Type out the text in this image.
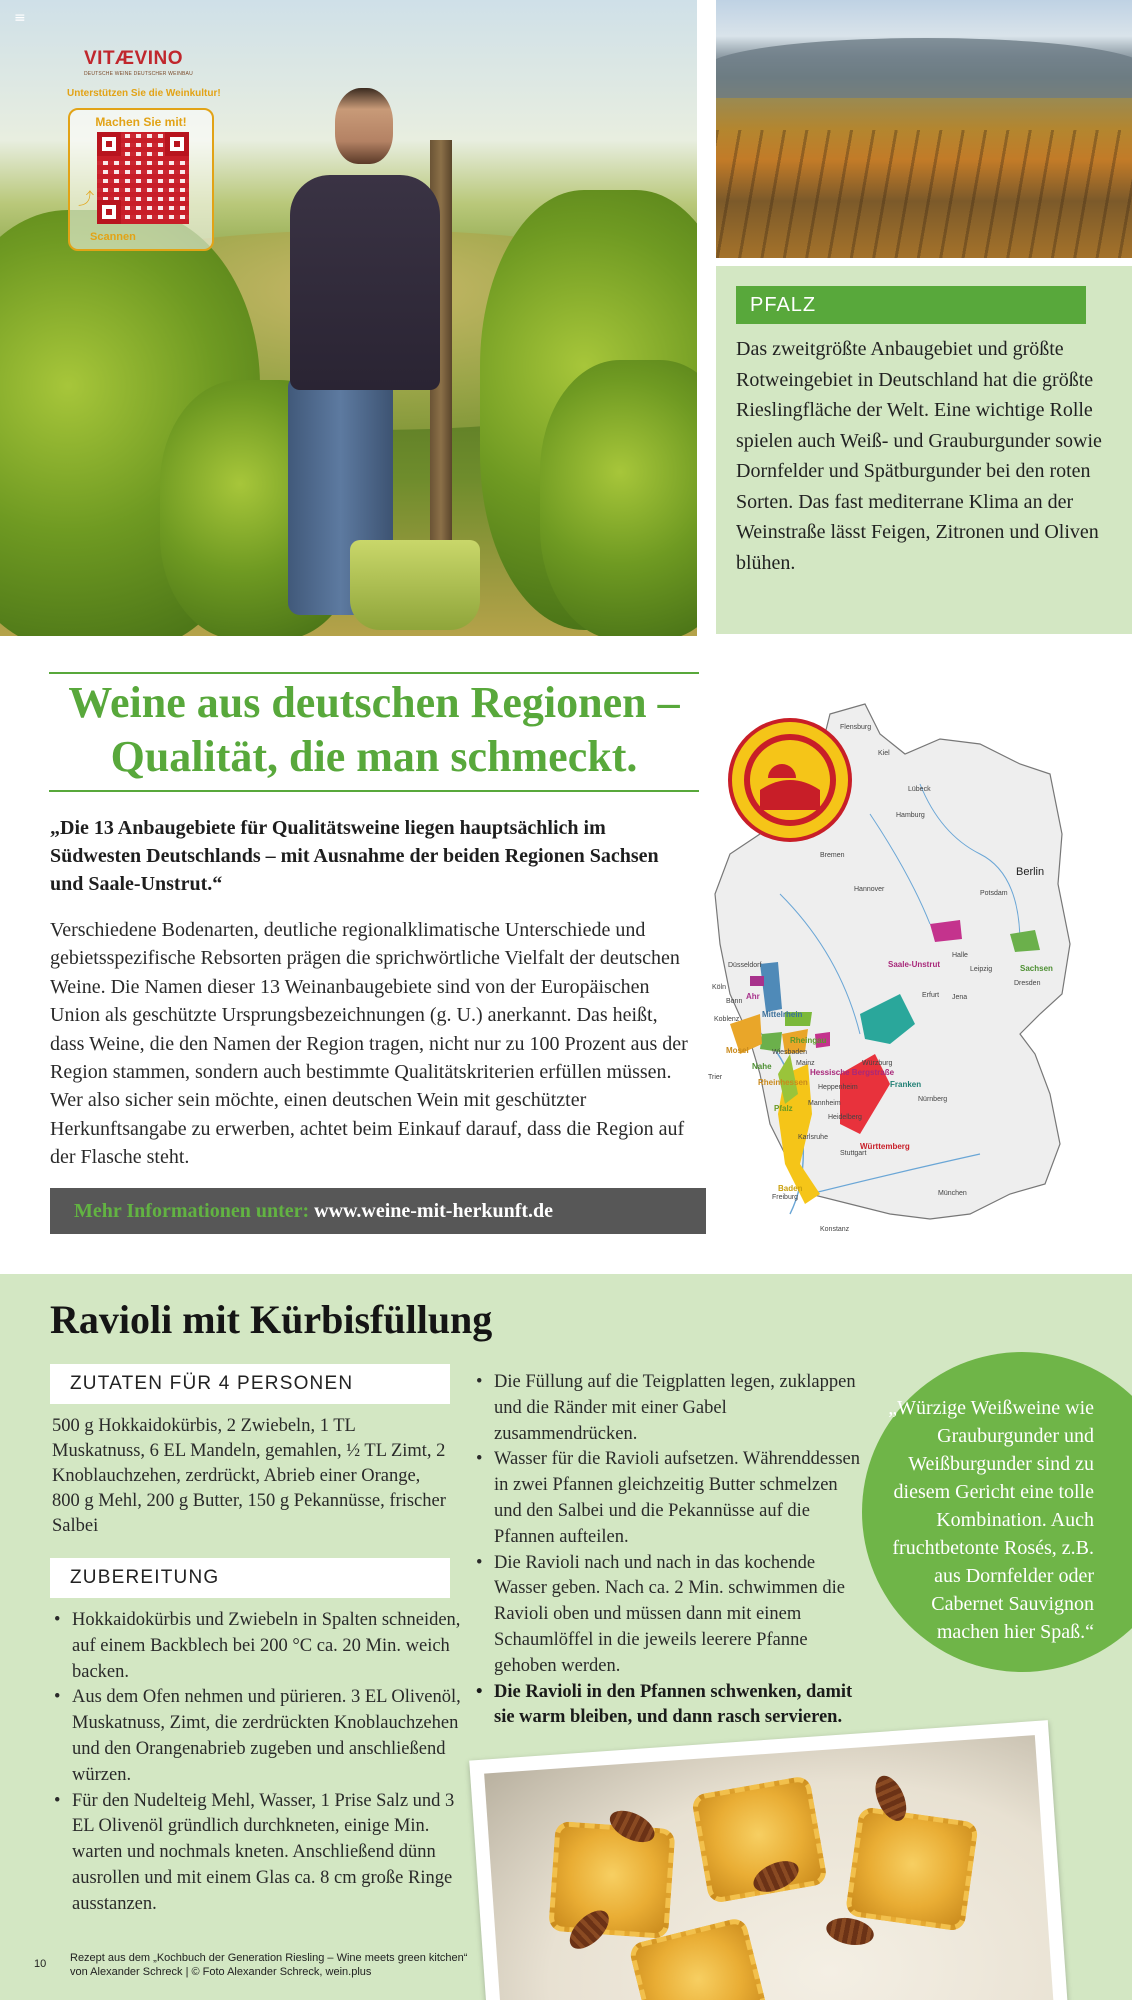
≡
VITÆVINO
DEUTSCHE WEINE DEUTSCHER WEINBAU
Unterstützen Sie die Weinkultur!
Machen Sie mit!
⤴
Scannen
PFALZ
Das zweitgrößte Anbaugebiet und größte Rotweingebiet in Deutschland hat die größte Rieslingfläche der Welt. Eine wichtige Rolle spielen auch Weiß- und Grauburgunder sowie Dornfelder und Spätburgunder bei den roten Sorten. Das fast mediterrane Klima an der Weinstraße lässt Feigen, Zitronen und Oliven blühen.
Weine aus deutschen Regionen –
Qualität, die man schmeckt.

„Die 13 Anbaugebiete für Qualitätsweine liegen hauptsächlich im Südwesten Deutschlands – mit Ausnahme der beiden Regionen Sachsen und Saale-Unstrut.“

Verschiedene Bodenarten, deutliche regionalklimatische Unterschiede und gebietsspezifische Rebsorten prägen die sprichwörtliche Vielfalt der deutschen Weine. Die Namen dieser 13 Weinanbaugebiete sind von der Europäischen Union als geschützte Ursprungsbezeichnungen (g. U.) anerkannt. Das heißt, dass Weine, die den Namen der Region tragen, nicht nur zu 100 Prozent aus der Region stammen, sondern auch bestimmte Qualitätskriterien erfüllen müssen. Wer also sicher sein möchte, einen deutschen Wein mit geschützter Herkunftsangabe zu erwerben, achtet beim Einkauf darauf, dass die Region auf der Flasche steht.

Mehr Informationen unter: www.weine-mit-herkunft.de
Berlin
Kiel
Flensburg
Lübeck
Hamburg
Bremen
Hannover
Potsdam
Halle
Leipzig
Dresden
Erfurt Jena
Düsseldorf
Köln
Bonn
Koblenz
Wiesbaden
Mainz
Trier
Würzburg
Heppenheim
Mannheim
Heidelberg
Nürnberg
Karlsruhe
Stuttgart
Freiburg
München
Konstanz
Ahr
Mittelrhein
Mosel
Rheingau
Nahe
Rheinhessen
Hessische Bergstraße
Franken
Pfalz
Württemberg
Baden
Saale-Unstrut	Sachsen
Ravioli mit Kürbisfüllung
ZUTATEN FÜR 4 PERSONEN

500 g Hokkaidokürbis, 2 Zwiebeln, 1 TL Muskatnuss, 6 EL Mandeln, gemahlen, ½ TL Zimt, 2 Knoblauchzehen, zerdrückt, Abrieb einer Orange, 800 g Mehl, 200 g Butter, 150 g Pekannüsse, frischer Salbei

ZUBEREITUNG
• Hokkaidokürbis und Zwiebeln in Spalten schneiden, auf einem Backblech bei 200 °C ca. 20 Min. weich backen.
• Aus dem Ofen nehmen und pürieren. 3 EL Olivenöl, Muskatnuss, Zimt, die zerdrückten Knoblauchzehen und den Orangenabrieb zugeben und anschließend würzen.
• Für den Nudelteig Mehl, Wasser, 1 Prise Salz und 3 EL Olivenöl gründlich durchkneten, einige Min. warten und nochmals kneten. Anschließend dünn ausrollen und mit einem Glas ca. 8 cm große Ringe ausstanzen.
• Die Füllung auf die Teigplatten legen, zuklappen und die Ränder mit einer Gabel zusammendrücken.
• Wasser für die Ravioli aufsetzen. Währenddessen in zwei Pfannen gleichzeitig Butter schmelzen und den Salbei und die Pekannüsse auf die Pfannen aufteilen.
• Die Ravioli nach und nach in das kochende Wasser geben. Nach ca. 2 Min. schwimmen die Ravioli oben und müssen dann mit einem Schaumlöffel in die jeweils leerere Pfanne gehoben werden.
• Die Ravioli in den Pfannen schwenken, damit sie warm bleiben, und dann rasch servieren.

„Würzige Weißweine wie Grauburgunder und Weißburgunder sind zu diesem Gericht eine tolle Kombination. Auch fruchtbetonte Rosés, z.B. aus Dornfelder oder Cabernet Sauvignon machen hier Spaß.“

10 Rezept aus dem „Kochbuch der Generation Riesling – Wine meets green kitchen“
von Alexander Schreck | © Foto Alexander Schreck, wein.plus
